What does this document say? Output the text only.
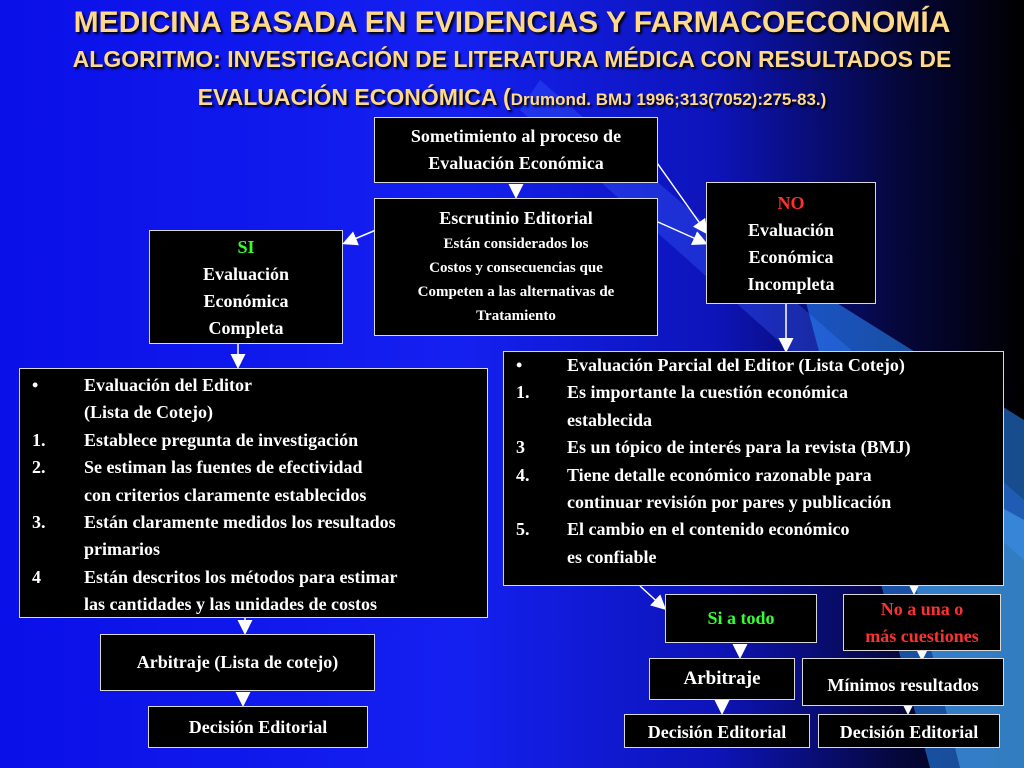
MEDICINA BASADA EN EVIDENCIAS Y FARMACOECONOMÍA
ALGORITMO: INVESTIGACIÓN DE LITERATURA MÉDICA CON RESULTADOS DE
EVALUACIÓN ECONÓMICA (Drumond. BMJ 1996;313(7052):275-83.)
Sometimiento al proceso de
Evaluación Económica
Escrutinio Editorial
Están considerados los
Costos y consecuencias que
Competen a las alternativas de
Tratamiento
SI
Evaluación
Económica
Completa
NO
Evaluación
Económica
Incompleta
•	Evaluación del Editor
(Lista de Cotejo)
1.	Establece pregunta de investigación
2.	Se estiman las fuentes de efectividad
con criterios claramente establecidos
3.	Están claramente medidos los resultados
primarios
4	Están descritos los métodos para estimar
las cantidades y las unidades de costos
•	Evaluación Parcial del Editor (Lista Cotejo)
1.	Es importante la cuestión económica
establecida
3	Es un tópico de interés para la revista (BMJ)
4.	Tiene detalle económico razonable para
continuar revisión por pares y publicación
5.	El cambio en el contenido económico
es confiable
Arbitraje (Lista de cotejo)
Decisión Editorial
Si a todo	No a una o
más cuestiones
Arbitraje	Mínimos resultados
Decisión Editorial	Decisión Editorial
